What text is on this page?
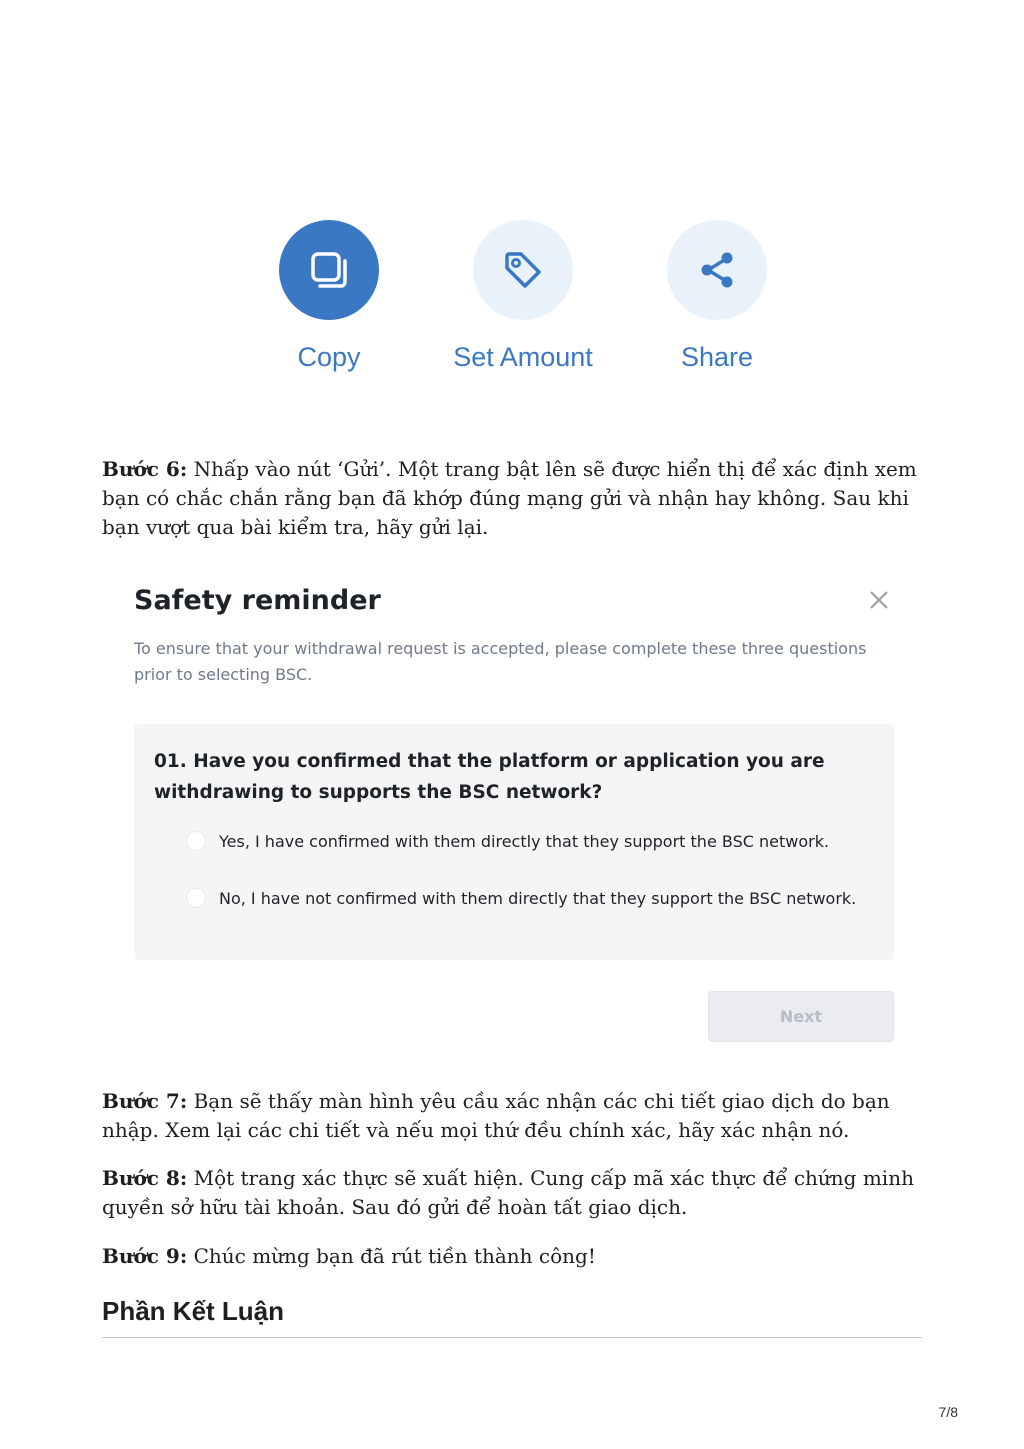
Copy	Set Amount	Share

Bước 6: Nhấp vào nút ‘Gửi’. Một trang bật lên sẽ được hiển thị để xác định xem bạn có chắc chắn rằng bạn đã khớp đúng mạng gửi và nhận hay không. Sau khi bạn vượt qua bài kiểm tra, hãy gửi lại.

Safety reminder
To ensure that your withdrawal request is accepted, please complete these three questions prior to selecting BSC.
01. Have you confirmed that the platform or application you are withdrawing to supports the BSC network?
Yes, I have confirmed with them directly that they support the BSC network.
No, I have not confirmed with them directly that they support the BSC network.
Next

Bước 7: Bạn sẽ thấy màn hình yêu cầu xác nhận các chi tiết giao dịch do bạn nhập. Xem lại các chi tiết và nếu mọi thứ đều chính xác, hãy xác nhận nó.

Bước 8: Một trang xác thực sẽ xuất hiện. Cung cấp mã xác thực để chứng minh quyền sở hữu tài khoản. Sau đó gửi để hoàn tất giao dịch.

Bước 9: Chúc mừng bạn đã rút tiền thành công!

Phần Kết Luận
7/8
